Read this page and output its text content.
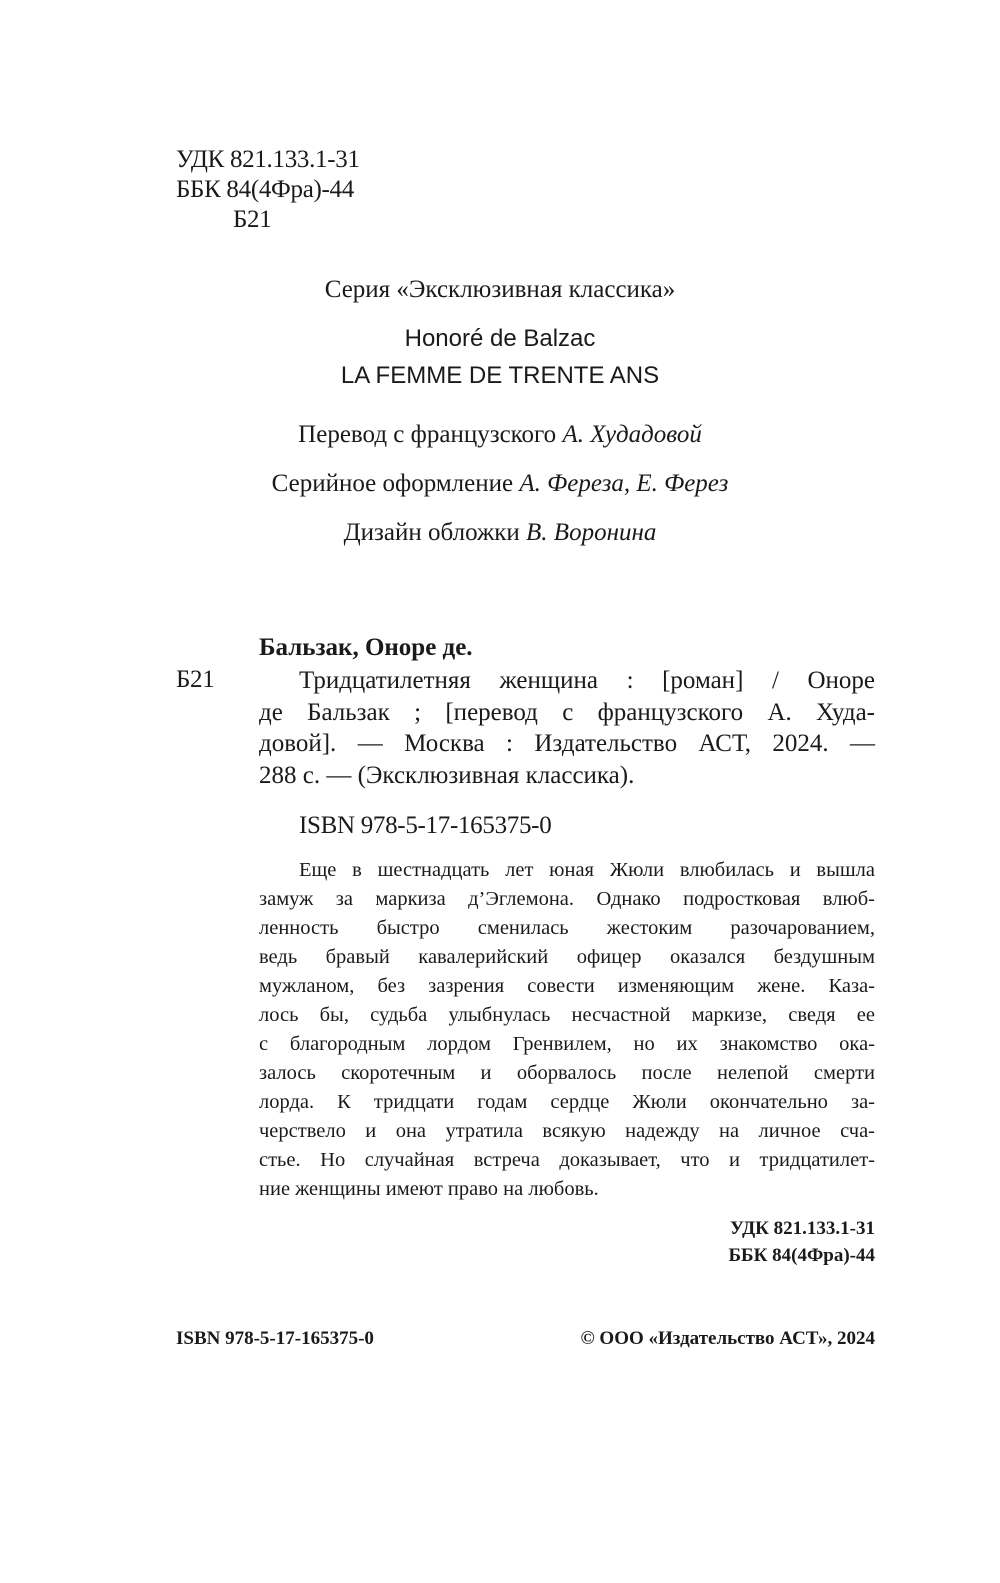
УДК 821.133.1-31
ББК 84(4Фра)-44
Б21
Серия «Эксклюзивная классика»
Honoré de Balzac
LA FEMME DE TRENTE ANS
Перевод с французского А. Худадовой
Серийное оформление А. Фереза, Е. Ферез
Дизайн обложки В. Воронина
Бальзак, Оноре де.
Б21	Тридцатилетняя женщина : [роман] / Оноре
де Бальзак ; [перевод с французского А. Худа-
довой]. — Москва : Издательство АСТ, 2024. —
288 с. — (Эксклюзивная классика).
ISBN 978-5-17-165375-0
Еще в шестнадцать лет юная Жюли влюбилась и вышла
замуж за маркиза д’Эглемона. Однако подростковая влюб-
ленность быстро сменилась жестоким разочарованием,
ведь бравый кавалерийский офицер оказался бездушным
мужланом, без зазрения совести изменяющим жене. Каза-
лось бы, судьба улыбнулась несчастной маркизе, сведя ее
с благородным лордом Гренвилем, но их знакомство ока-
залось скоротечным и оборвалось после нелепой смерти
лорда. К тридцати годам сердце Жюли окончательно за-
черствело и она утратила всякую надежду на личное сча-
стье. Но случайная встреча доказывает, что и тридцатилет-
ние женщины имеют право на любовь.
УДК 821.133.1-31
ББК 84(4Фра)-44
ISBN 978-5-17-165375-0	© ООО «Издательство АСТ», 2024
